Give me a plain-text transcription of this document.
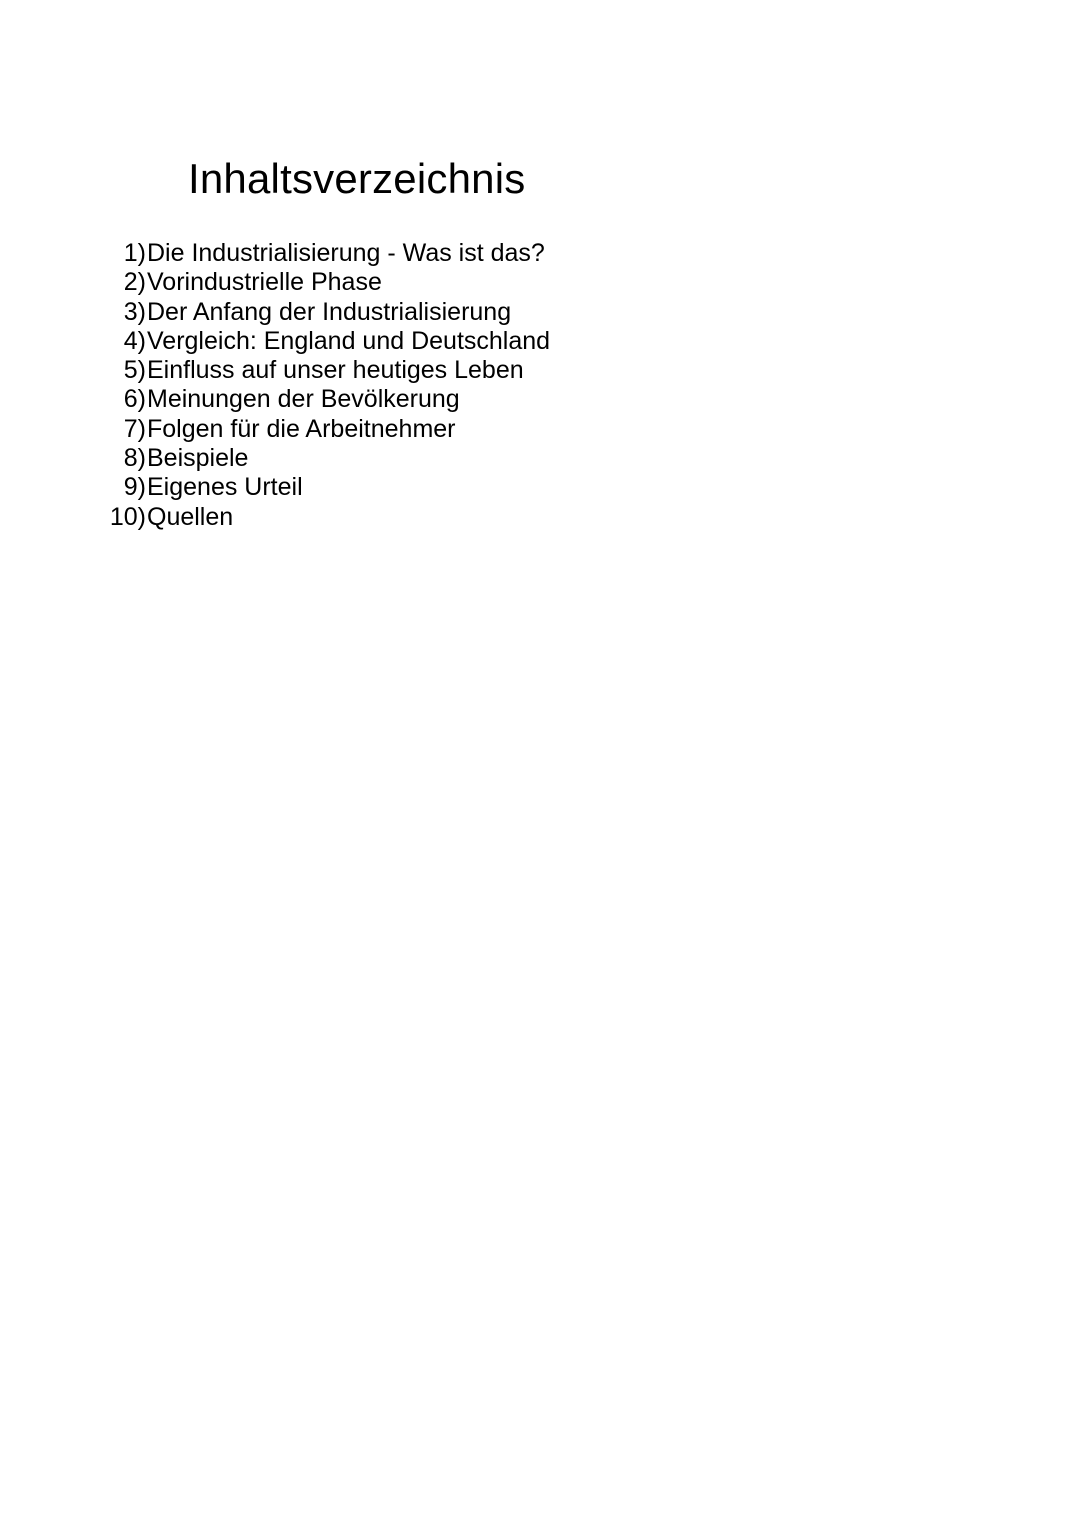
Inhaltsverzeichnis
1) Die Industrialisierung - Was ist das?
2) Vorindustrielle Phase
3) Der Anfang der Industrialisierung
4) Vergleich: England und Deutschland
5) Einfluss auf unser heutiges Leben
6) Meinungen der Bevölkerung
7) Folgen für die Arbeitnehmer
8) Beispiele
9) Eigenes Urteil
10) Quellen
